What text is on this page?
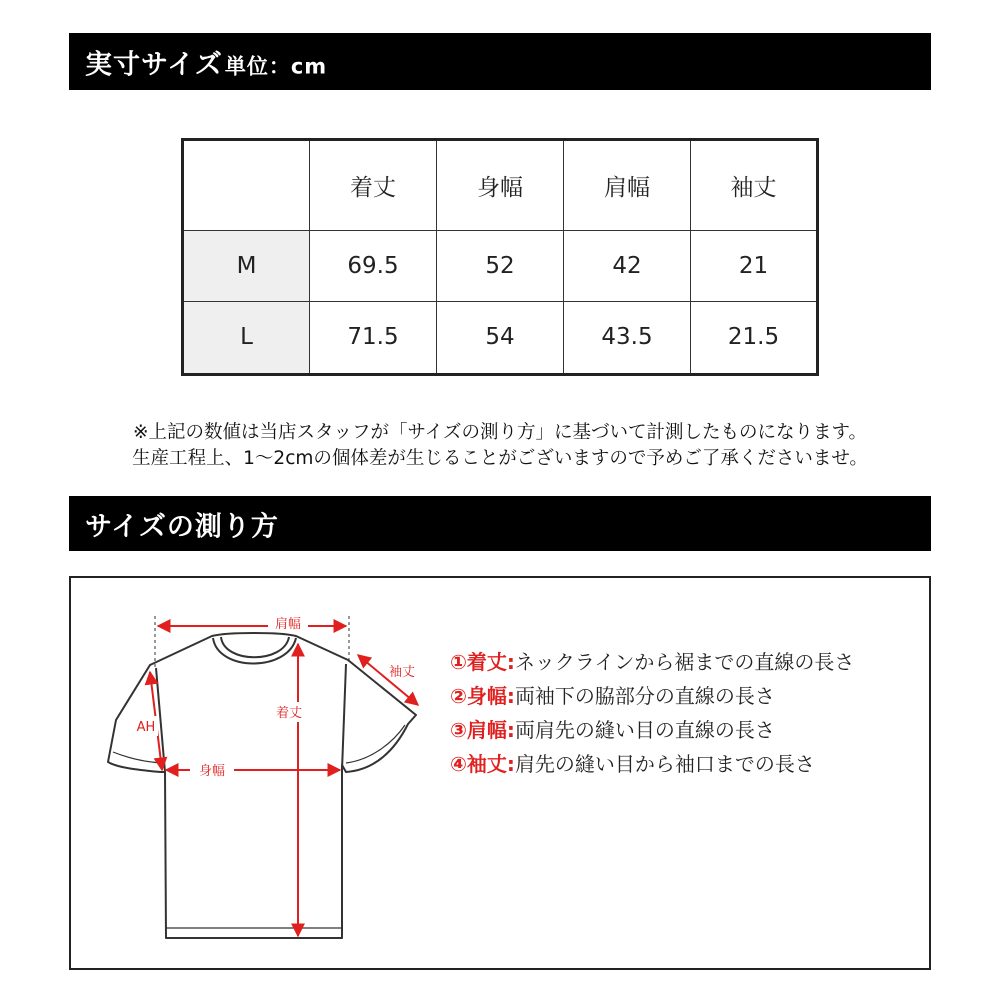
実寸サイズ単位：cm
	着丈	身幅	肩幅	袖丈
M	69.5	52	42	21
L	71.5	54	43.5	21.5
※上記の数値は当店スタッフが「サイズの測り方」に基づいて計測したものになります。
生産工程上、1〜2cmの個体差が生じることがございますので予めご了承くださいませ。
サイズの測り方
肩幅
袖丈
着丈
AH
身幅
①着丈:ネックラインから裾までの直線の長さ
②身幅:両袖下の脇部分の直線の長さ
③肩幅:両肩先の縫い目の直線の長さ
④袖丈:肩先の縫い目から袖口までの長さ
